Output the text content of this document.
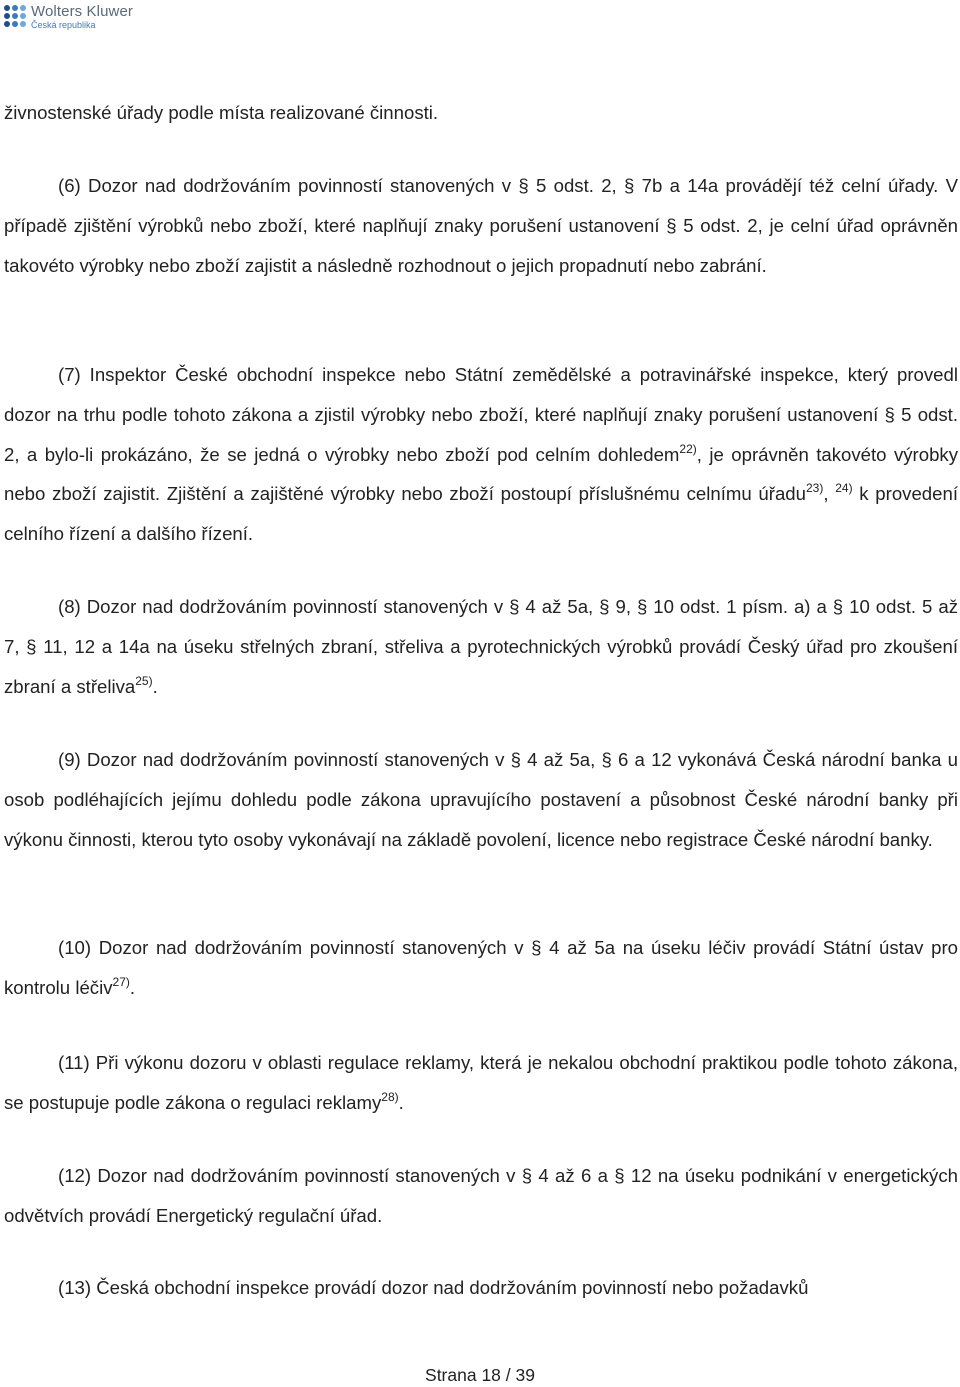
Wolters Kluwer
Česká republika

živnostenské úřady podle místa realizované činnosti.

(6) Dozor nad dodržováním povinností stanovených v § 5 odst. 2, § 7b a 14a provádějí též celní úřady. V případě zjištění výrobků nebo zboží, které naplňují znaky porušení ustanovení § 5 odst. 2, je celní úřad oprávněn takovéto výrobky nebo zboží zajistit a následně rozhodnout o jejich propadnutí nebo zabrání.

(7) Inspektor České obchodní inspekce nebo Státní zemědělské a potravinářské inspekce, který provedl dozor na trhu podle tohoto zákona a zjistil výrobky nebo zboží, které naplňují znaky porušení ustanovení § 5 odst. 2, a bylo-li prokázáno, že se jedná o výrobky nebo zboží pod celním dohledem$^{22)}$, je oprávněn takovéto výrobky nebo zboží zajistit. Zjištění a zajištěné výrobky nebo zboží postoupí příslušnému celnímu úřadu$^{23)}$, $^{24)}$ k provedení celního řízení a dalšího řízení.

(8) Dozor nad dodržováním povinností stanovených v § 4 až 5a, § 9, § 10 odst. 1 písm. a) a § 10 odst. 5 až 7, § 11, 12 a 14a na úseku střelných zbraní, střeliva a pyrotechnických výrobků provádí Český úřad pro zkoušení zbraní a střeliva$^{25)}$.

(9) Dozor nad dodržováním povinností stanovených v § 4 až 5a, § 6 a 12 vykonává Česká národní banka u osob podléhajících jejímu dohledu podle zákona upravujícího postavení a působnost České národní banky při výkonu činnosti, kterou tyto osoby vykonávají na základě povolení, licence nebo registrace České národní banky.

(10) Dozor nad dodržováním povinností stanovených v § 4 až 5a na úseku léčiv provádí Státní ústav pro kontrolu léčiv$^{27)}$.

(11) Při výkonu dozoru v oblasti regulace reklamy, která je nekalou obchodní praktikou podle tohoto zákona, se postupuje podle zákona o regulaci reklamy$^{28)}$.

(12) Dozor nad dodržováním povinností stanovených v § 4 až 6 a § 12 na úseku podnikání v energetických odvětvích provádí Energetický regulační úřad.

(13) Česká obchodní inspekce provádí dozor nad dodržováním povinností nebo požadavků

Strana 18 / 39
